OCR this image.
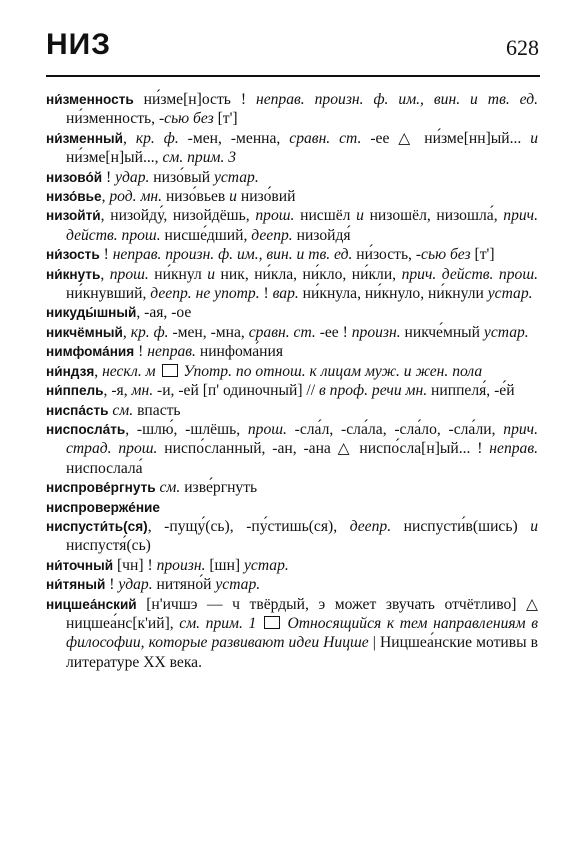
НИЗ	628

ни́зменность ни́зме[н]ость ! неправ. произн. ф. им., вин. и тв. ед. ни́зменность, -сью без [т']

ни́зменный, кр. ф. -мен, -менна, сравн. ст. -ее △ ни́зме[нн]ый... и ни́зме[н]ый..., см. прим. 3

низово́й ! удар. низо́вый устар.

низо́вье, род. мн. низо́вьев и низо́вий

низойти́, низойду́, низойдёшь, прош. нисшёл и низошёл, низошла́, прич. действ. прош. нисше́дший, деепр. низойдя́

ни́зость ! неправ. произн. ф. им., вин. и тв. ед. ни́зость, -сью без [т']

ни́кнуть, прош. ни́кнул и ник, ни́кла, ни́кло, ни́кли, прич. действ. прош. ни́кнувший, деепр. не употр. ! вар. ни́кнула, ни́кнуло, ни́кнули устар.

никуды́шный, -ая, -ое

никчёмный, кр. ф. -мен, -мна, сравн. ст. -ее ! произн. никче́мный устар.

нимфома́ния ! неправ. нинфома́ния

ни́ндзя, нескл. м  Употр. по отнош. к лицам муж. и жен. пола

ни́ппель, -я, мн. -и, -ей [п' одиночный] // в проф. речи мн. ниппеля́, -е́й

ниспа́сть см. впасть

ниспосла́ть, -шлю́, -шлёшь, прош. -сла́л, -сла́ла, -сла́ло, -сла́ли, прич. страд. прош. ниспо́сланный, -ан, -ана △ ниспо́сла[н]ый... ! неправ. ниспослала́

ниспрове́ргнуть см. изве́ргнуть

ниспроверже́ние

ниспусти́ть(ся), -пущу́(сь), -пу́стишь(ся), деепр. ниспусти́в(шись) и ниспустя́(сь)

ни́точный [чн] ! произн. [шн] устар.

ни́тяный ! удар. нитяно́й устар.

ницшеа́нский [н'ичшэ — ч твёрдый, э может звучать отчётливо] △ ницшеа́нс[к'ий], см. прим. 1  Относящийся к тем направлениям в философии, которые развивают идеи Ницше | Ницшеа́нские мотивы в литературе XX века.
